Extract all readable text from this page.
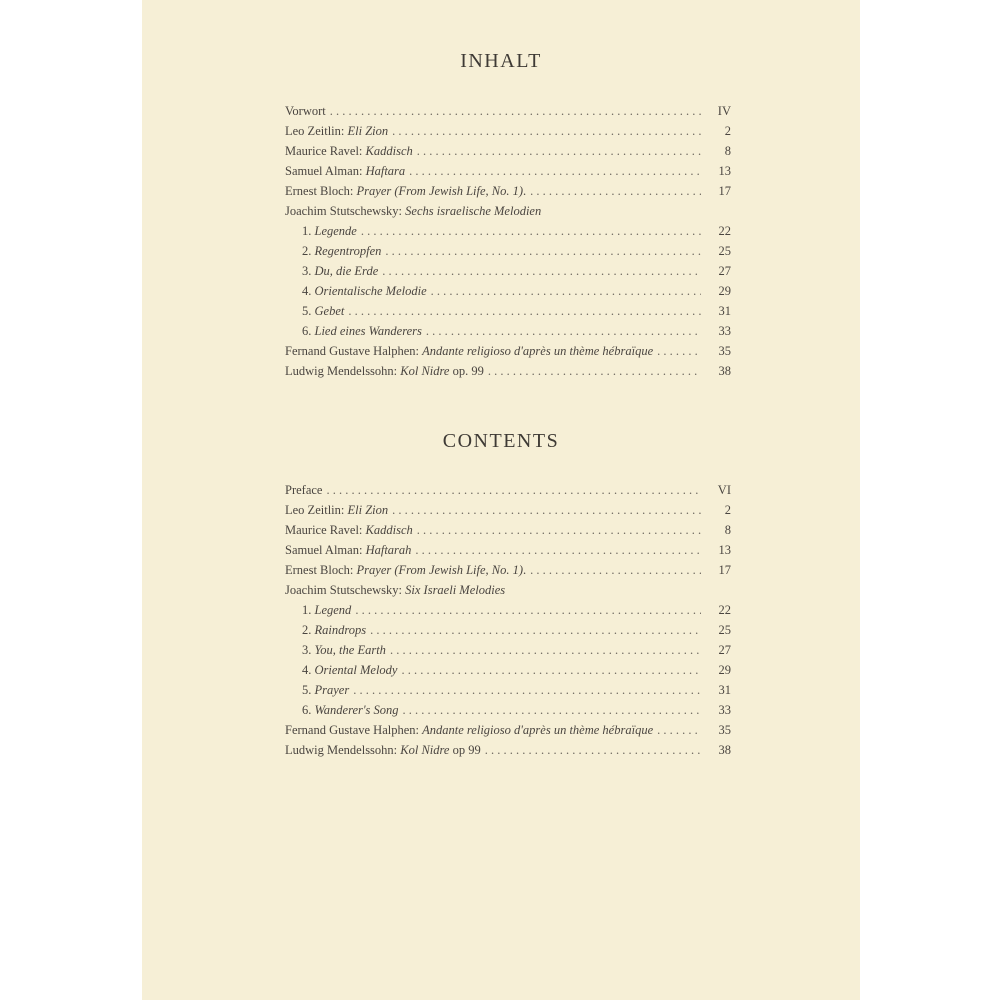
INHALT
Vorwort . . .	IV
Leo Zeitlin: Eli Zion . . .	2
Maurice Ravel: Kaddisch . . .	8
Samuel Alman: Haftara . . .	13
Ernest Bloch: Prayer (From Jewish Life, No. 1). . . .	17
Joachim Stutschewsky: Sechs israelische Melodien
1. Legende . . .	22
2. Regentropfen . . .	25
3. Du, die Erde . . .	27
4. Orientalische Melodie . . .	29
5. Gebet . . .	31
6. Lied eines Wanderers . . .	33
Fernand Gustave Halphen: Andante religioso d'après un thème hébraïque . . .	35
Ludwig Mendelssohn: Kol Nidre op. 99 . . .	38
CONTENTS
Preface . . .	VI
Leo Zeitlin: Eli Zion . . .	2
Maurice Ravel: Kaddisch . . .	8
Samuel Alman: Haftarah . . .	13
Ernest Bloch: Prayer (From Jewish Life, No. 1). . . .	17
Joachim Stutschewsky: Six Israeli Melodies
1. Legend . . .	22
2. Raindrops . . .	25
3. You, the Earth . . .	27
4. Oriental Melody . . .	29
5. Prayer . . .	31
6. Wanderer's Song . . .	33
Fernand Gustave Halphen: Andante religioso d'après un thème hébraïque . . .	35
Ludwig Mendelssohn: Kol Nidre op 99 . . .	38
